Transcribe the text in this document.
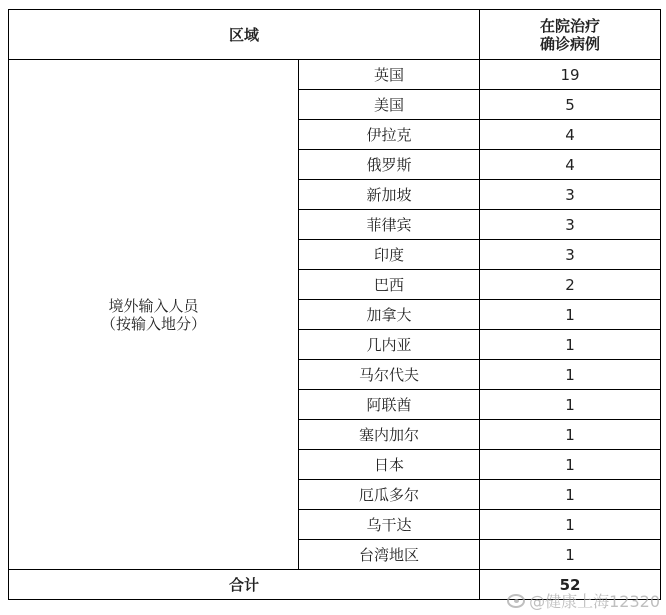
区域		在院治疗
确诊病例

境外输入人员
（按输入地分）	英国	19
	美国	5
	伊拉克	4
	俄罗斯	4
	新加坡	3
	菲律宾	3
	印度	3
	巴西	2
	加拿大	1
	几内亚	1
	马尔代夫	1
	阿联酋	1
	塞内加尔	1
	日本	1
	厄瓜多尔	1
	乌干达	1
	台湾地区	1
合计		52
@健康上海12320
